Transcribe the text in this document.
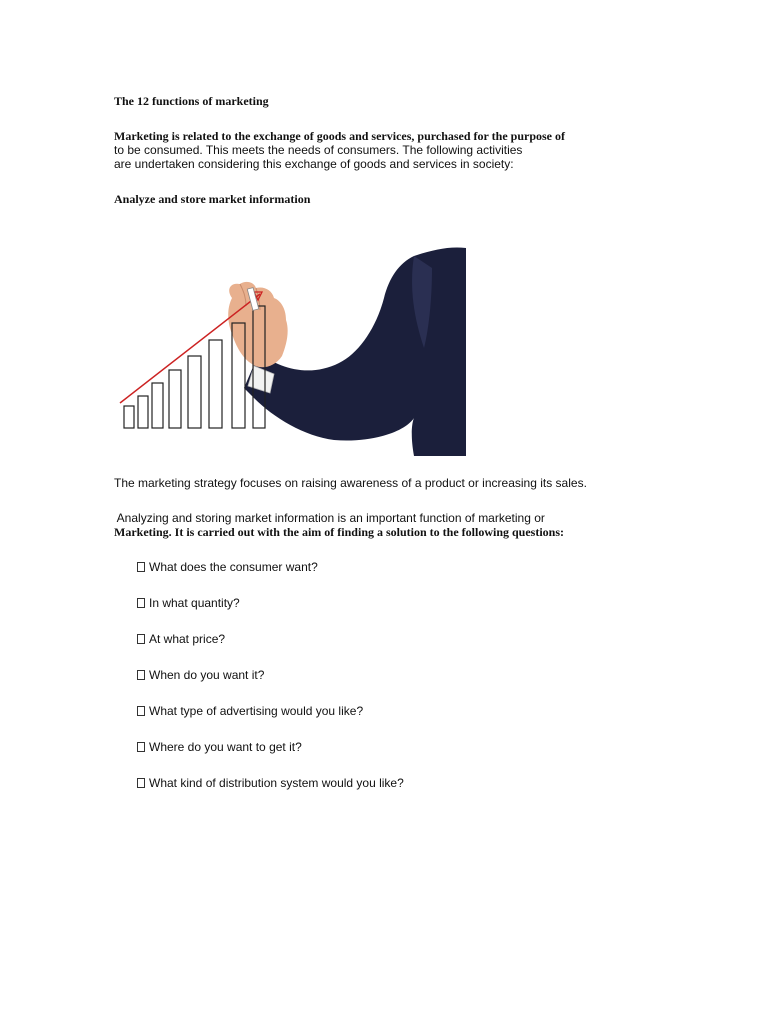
The 12 functions of marketing
Marketing is related to the exchange of goods and services, purchased for the purpose of
to be consumed. This meets the needs of consumers. The following activities
are undertaken considering this exchange of goods and services in society:
Analyze and store market information
The marketing strategy focuses on raising awareness of a product or increasing its sales.
Analyzing and storing market information is an important function of marketing or
Marketing. It is carried out with the aim of finding a solution to the following questions:
What does the consumer want?
In what quantity?
At what price?
When do you want it?
What type of advertising would you like?
Where do you want to get it?
What kind of distribution system would you like?
